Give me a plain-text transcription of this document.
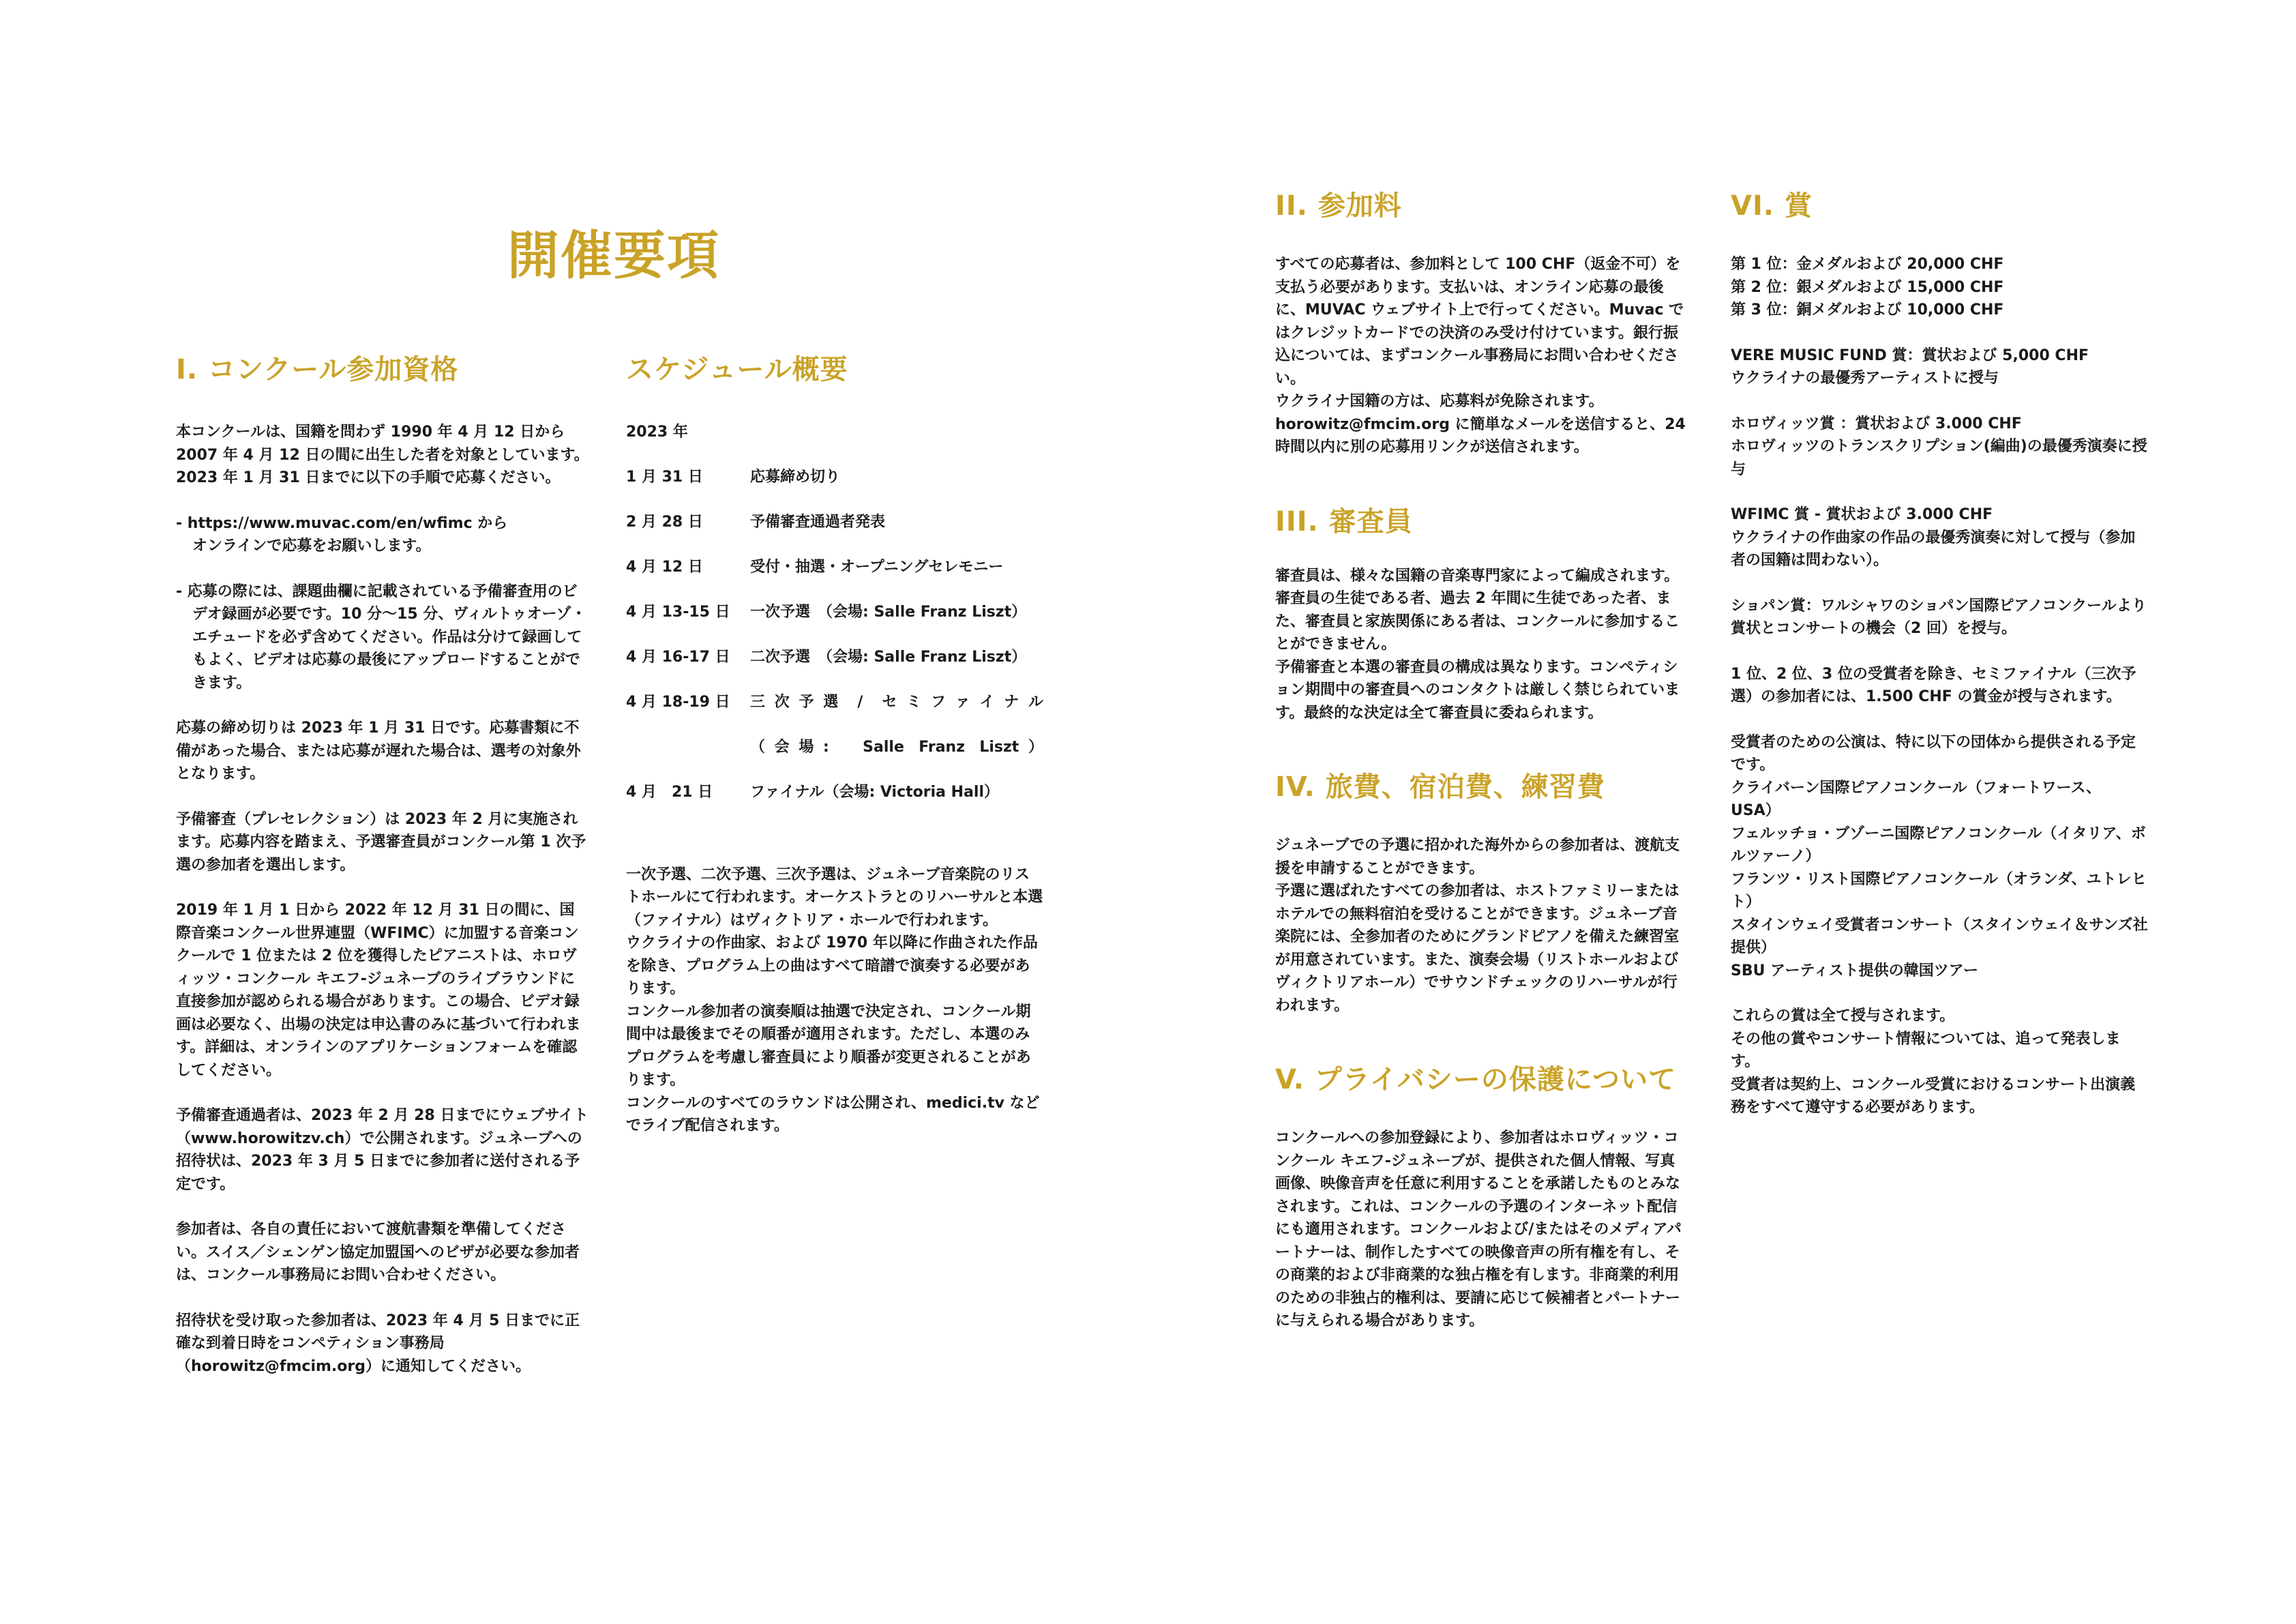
開催要項
I. コンクール参加資格

本コンクールは、国籍を問わず 1990 年 4 月 12 日から 2007 年 4 月 12 日の間に出生した者を対象としています。2023 年 1 月 31 日までに以下の手順で応募ください。

- https://www.muvac.com/en/wfimc から
オンラインで応募をお願いします。

- 応募の際には、課題曲欄に記載されている予備審査用のビデオ録画が必要です。10 分～15 分、ヴィルトゥオーゾ・エチュードを必ず含めてください。作品は分けて録画してもよく、ビデオは応募の最後にアップロードすることができます。

応募の締め切りは 2023 年 1 月 31 日です。応募書類に不備があった場合、または応募が遅れた場合は、選考の対象外となります。

予備審査（プレセレクション）は 2023 年 2 月に実施されます。応募内容を踏まえ、予選審査員がコンクール第 1 次予選の参加者を選出します。

2019 年 1 月 1 日から 2022 年 12 月 31 日の間に、国際音楽コンクール世界連盟（WFIMC）に加盟する音楽コンクールで 1 位または 2 位を獲得したピアニストは、ホロヴィッツ・コンクール キエフ-ジュネーブのライブラウンドに直接参加が認められる場合があります。この場合、ビデオ録画は必要なく、出場の決定は申込書のみに基づいて行われます。詳細は、オンラインのアプリケーションフォームを確認してください。

予備審査通過者は、2023 年 2 月 28 日までにウェブサイト（www.horowitzv.ch）で公開されます。ジュネーブへの招待状は、2023 年 3 月 5 日までに参加者に送付される予定です。

参加者は、各自の責任において渡航書類を準備してください。スイス／シェンゲン協定加盟国へのビザが必要な参加者は、コンクール事務局にお問い合わせください。

招待状を受け取った参加者は、2023 年 4 月 5 日までに正確な到着日時をコンペティション事務局（horowitz@fmcim.org）に通知してください。

スケジュール概要

2023 年

1 月 31 日	応募締め切り
2 月 28 日	予備審査通過者発表
4 月 12 日	受付・抽選・オープニングセレモニー
4 月 13-15 日	一次予選　（会場: Salle Franz Liszt）
4 月 16-17 日	二次予選　（会場: Salle Franz Liszt）
4 月 18-19 日	三 次 予 選　/　セ ミ フ ァ イ ナ ル
（会場:　Salle Franz Liszt）
4 月　21 日	ファイナル（会場: Victoria Hall）

一次予選、二次予選、三次予選は、ジュネーブ音楽院のリストホールにて行われます。オーケストラとのリハーサルと本選（ファイナル）はヴィクトリア・ホールで行われます。
ウクライナの作曲家、および 1970 年以降に作曲された作品を除き、プログラム上の曲はすべて暗譜で演奏する必要があります。
コンクール参加者の演奏順は抽選で決定され、コンクール期間中は最後までその順番が適用されます。ただし、本選のみプログラムを考慮し審査員により順番が変更されることがあります。
コンクールのすべてのラウンドは公開され、medici.tv などでライブ配信されます。

II. 参加料

すべての応募者は、参加料として 100 CHF（返金不可）を支払う必要があります。支払いは、オンライン応募の最後に、MUVAC ウェブサイト上で行ってください。Muvac ではクレジットカードでの決済のみ受け付けています。銀行振込については、まずコンクール事務局にお問い合わせください。
ウクライナ国籍の方は、応募料が免除されます。horowitz@fmcim.org に簡単なメールを送信すると、24 時間以内に別の応募用リンクが送信されます。

III. 審査員

審査員は、様々な国籍の音楽専門家によって編成されます。審査員の生徒である者、過去 2 年間に生徒であった者、また、審査員と家族関係にある者は、コンクールに参加することができません。
予備審査と本選の審査員の構成は異なります。コンペティション期間中の審査員へのコンタクトは厳しく禁じられています。最終的な決定は全て審査員に委ねられます。

IV. 旅費、宿泊費、練習費

ジュネーブでの予選に招かれた海外からの参加者は、渡航支援を申請することができます。
予選に選ばれたすべての参加者は、ホストファミリーまたはホテルでの無料宿泊を受けることができます。ジュネーブ音楽院には、全参加者のためにグランドピアノを備えた練習室が用意されています。また、演奏会場（リストホールおよびヴィクトリアホール）でサウンドチェックのリハーサルが行われます。

V. プライバシーの保護について

コンクールへの参加登録により、参加者はホロヴィッツ・コンクール キエフ-ジュネーブが、提供された個人情報、写真画像、映像音声を任意に利用することを承諾したものとみなされます。これは、コンクールの予選のインターネット配信にも適用されます。コンクールおよび/またはそのメディアパートナーは、制作したすべての映像音声の所有権を有し、その商業的および非商業的な独占権を有します。非商業的利用のための非独占的権利は、要請に応じて候補者とパートナーに与えられる場合があります。

VI. 賞
第 1 位：金メダルおよび 20,000 CHF
第 2 位：銀メダルおよび 15,000 CHF
第 3 位：銅メダルおよび 10,000 CHF
VERE MUSIC FUND 賞：賞状および 5,000 CHF
ウクライナの最優秀アーティストに授与
ホロヴィッツ賞 ：賞状および 3.000 CHF
ホロヴィッツのトランスクリプション(編曲)の最優秀演奏に授与
WFIMC 賞 - 賞状および 3.000 CHF
ウクライナの作曲家の作品の最優秀演奏に対して授与（参加者の国籍は問わない）。
ショパン賞：ワルシャワのショパン国際ピアノコンクールより賞状とコンサートの機会（2 回）を授与。

1 位、2 位、3 位の受賞者を除き、セミファイナル（三次予選）の参加者には、1.500 CHF の賞金が授与されます。

受賞者のための公演は、特に以下の団体から提供される予定です。
クライバーン国際ピアノコンクール（フォートワース、USA）
フェルッチョ・ブゾーニ国際ピアノコンクール（イタリア、ボルツァーノ）
フランツ・リスト国際ピアノコンクール（オランダ、ユトレヒト）
スタインウェイ受賞者コンサート（スタインウェイ＆サンズ社提供）
SBU アーティスト提供の韓国ツアー

これらの賞は全て授与されます。
その他の賞やコンサート情報については、追って発表します。
受賞者は契約上、コンクール受賞におけるコンサート出演義務をすべて遵守する必要があります。
